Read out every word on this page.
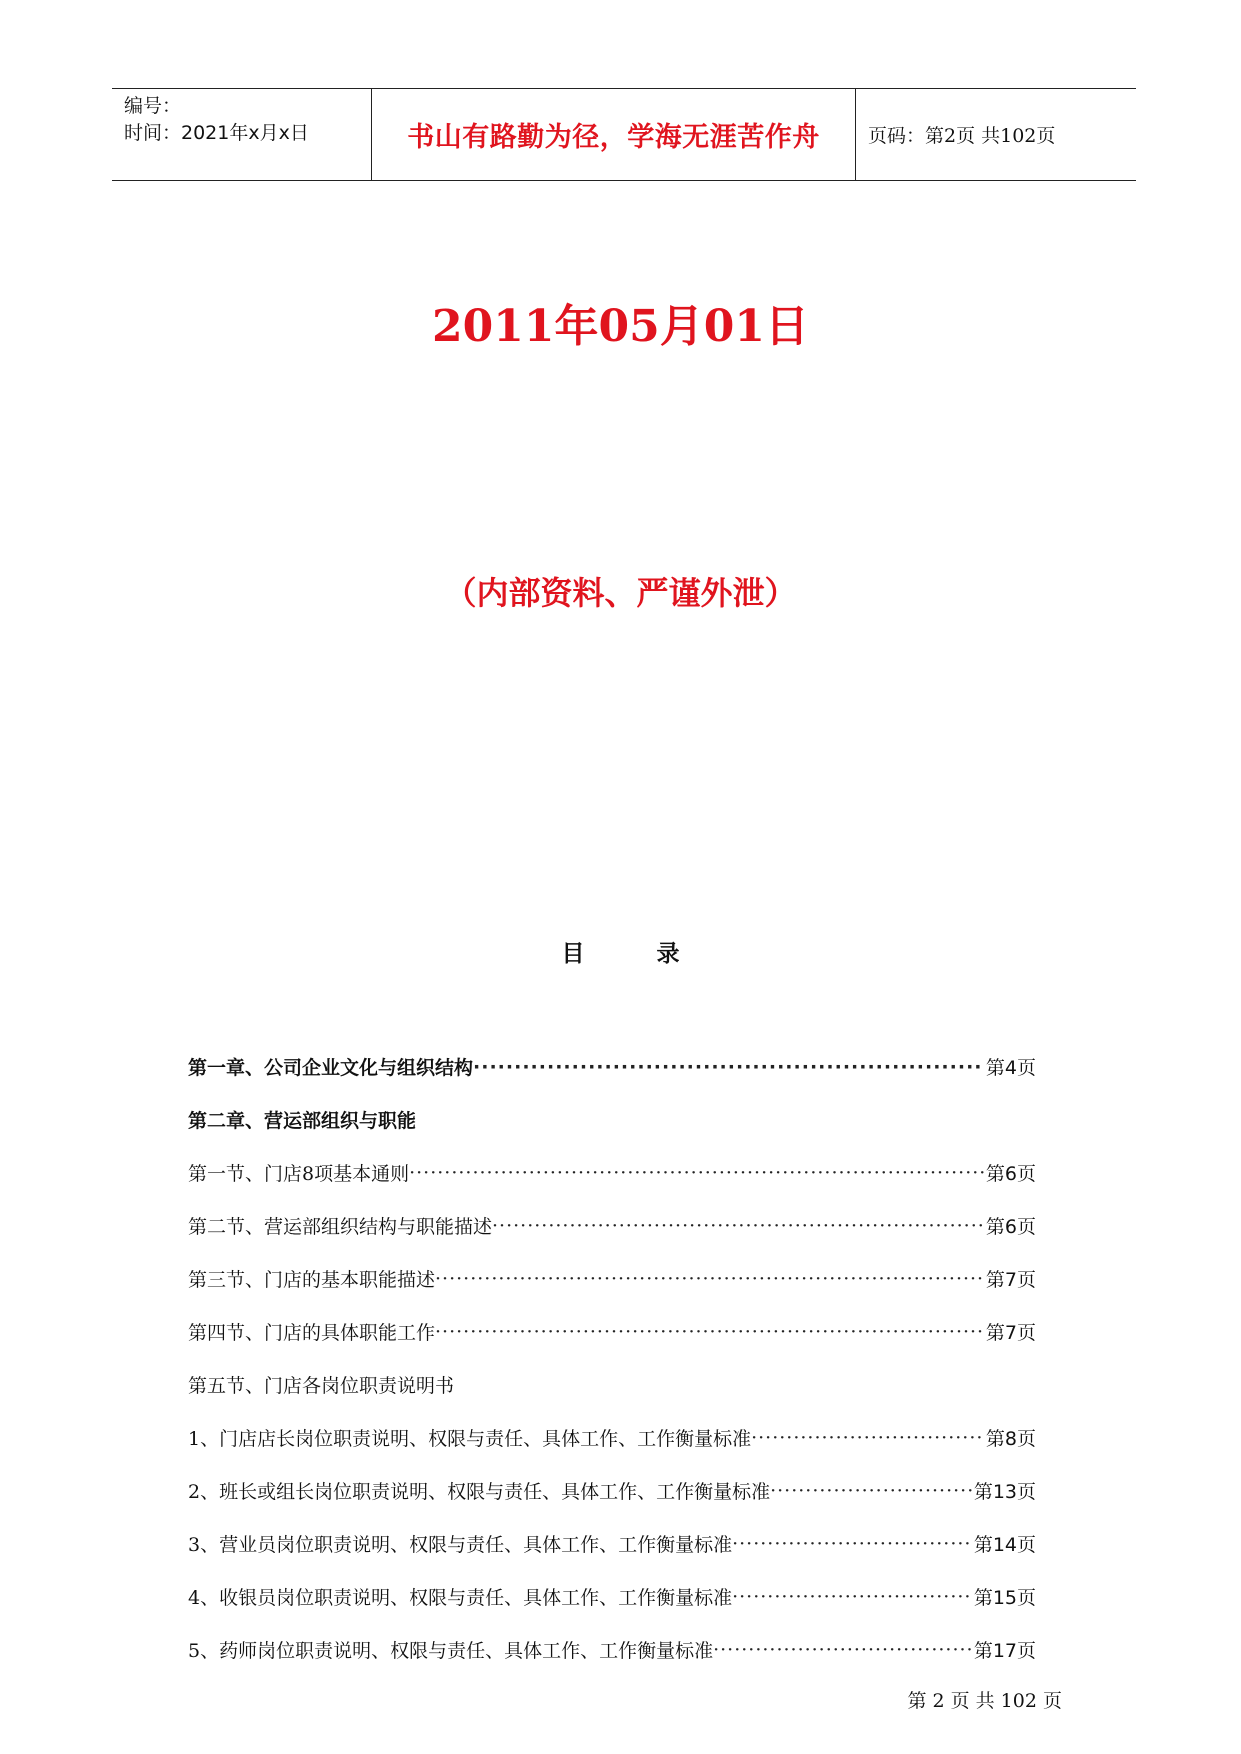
编号：
时间：2021年x月x日	书山有路勤为径，学海无涯苦作舟	页码：第2页 共102页
2011年05月01日
（内部资料、严谨外泄）
目	录
第一章、公司企业文化与组织结构 ·····	第4页
第二章、营运部组织与职能
第一节、门店8项基本通则 ·····	第6页
第二节、营运部组织结构与职能描述 ·····	第6页
第三节、门店的基本职能描述 ·····	第7页
第四节、门店的具体职能工作 ·····	第7页
第五节、门店各岗位职责说明书
1、门店店长岗位职责说明、权限与责任、具体工作、工作衡量标准 ·····	第8页
2、班长或组长岗位职责说明、权限与责任、具体工作、工作衡量标准 ·····	第13页
3、营业员岗位职责说明、权限与责任、具体工作、工作衡量标准 ·····	第14页
4、收银员岗位职责说明、权限与责任、具体工作、工作衡量标准 ·····	第15页
5、药师岗位职责说明、权限与责任、具体工作、工作衡量标准 ·····	第17页
第 2 页 共 102 页
